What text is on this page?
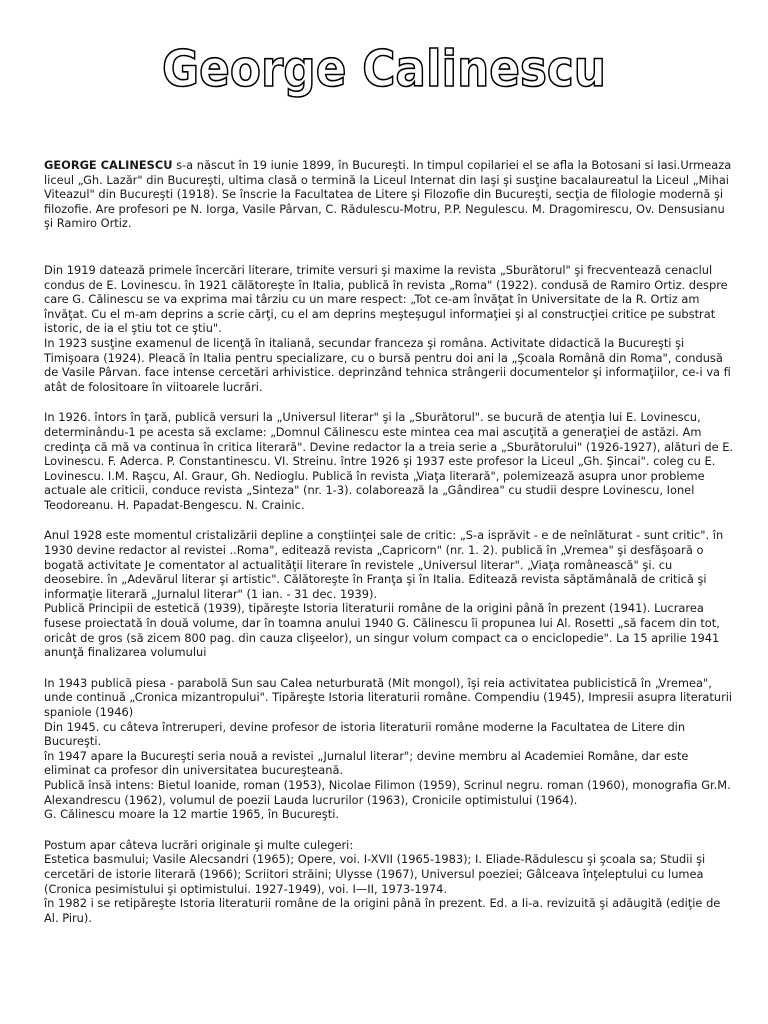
George Calinescu

GEORGE CALINESCU s-a născut în 19 iunie 1899, în Bucureşti. In timpul copilariei el se afla la Botosani si Iasi.Urmeaza liceul „Gh. Lazăr" din Bucureşti, ultima clasă o termină la Liceul Internat din Iaşi şi susţine bacalaureatul la Liceul „Mihai Viteazul" din Bucureşti (1918). Se înscrie la Facultatea de Litere şi Filozofie din Bucureşti, secţia de filologie modernă şi filozofie. Are profesori pe N. Iorga, Vasile Pârvan, C. Rădulescu-Motru, P.P. Negulescu. M. Dragomirescu, Ov. Densusianu şi Ramiro Ortiz.

Din 1919 datează primele încercări literare, trimite versuri şi maxime la revista „Sburătorul" şi frecventează cenaclul condus de E. Lovinescu. în 1921 călătoreşte în Italia, publică în revista „Roma" (1922). condusă de Ramiro Ortiz. despre care G. Călinescu se va exprima mai târziu cu un mare respect: „Tot ce-am învăţat în Universitate de la R. Ortiz am învăţat. Cu el m-am deprins a scrie cărţi, cu el am deprins meşteşugul informaţiei şi al construcţiei critice pe substrat istoric, de ia el ştiu tot ce ştiu".
In 1923 susţine examenul de licenţă în italiană, secundar franceza şi româna. Activitate didactică la Bucureşti şi Timişoara (1924). Pleacă în Italia pentru specializare, cu o bursă pentru doi ani la „Şcoala Română din Roma", condusă de Vasile Pârvan. face intense cercetări arhivistice. deprinzând tehnica strângerii documentelor şi informaţiilor, ce-i va fi atât de folositoare în viitoarele lucrări.

In 1926. întors în ţară, publică versuri la „Universul literar" şi la „Sburătorul". se bucură de atenţia lui E. Lovinescu, determinându-1 pe acesta să exclame: „Domnul Călinescu este mintea cea mai ascuţită a generaţiei de astăzi. Am credinţa că mă va continua în critica literară". Devine redactor la a treia serie a „Sburătorului" (1926-1927), alături de E. Lovinescu. F. Aderca. P. Constantinescu. VI. Streinu. între 1926 şi 1937 este profesor la Liceul „Gh. Şincai". coleg cu E. Lovinescu. I.M. Raşcu, Al. Graur, Gh. Nedioglu. Publică în revista „Viaţa literară", polemizează asupra unor probleme actuale ale criticii, conduce revista „Sinteza" (nr. 1-3). colaborează la „Gândirea" cu studii despre Lovinescu, Ionel Teodoreanu. H. Papadat-Bengescu. N. Crainic.

Anul 1928 este momentul cristalizării depline a conştiinţei sale de critic: „S-a isprăvit - e de neînlăturat - sunt critic". în 1930 devine redactor al revistei ..Roma", editează revista „Capricorn" (nr. 1. 2). publică în „Vremea" şi desfăşoară o bogată activitate Je comentator al actualităţii literare în revistele „Universul literar". „Viaţa românească" şi. cu deosebire. în „Adevărul literar şi artistic". Călătoreşte în Franţa şi în Italia. Editează revista săptămânală de critică şi informaţie literară „Jurnalul literar" (1 ian. - 31 dec. 1939).
Publică Principii de estetică (1939), tipăreşte Istoria literaturii române de la origini până în prezent (1941). Lucrarea fusese proiectată în două volume, dar în toamna anului 1940 G. Călinescu îi propunea lui Al. Rosetti „să facem din tot, oricât de gros (să zicem 800 pag. din cauza clişeelor), un singur volum compact ca o enciclopedie". La 15 aprilie 1941 anunţă finalizarea volumului

In 1943 publică piesa - parabolă Sun sau Calea neturburată (Mit mongol), îşi reia activitatea publicistică în „Vremea", unde continuă „Cronica mizantropului". Tipăreşte Istoria literaturii române. Compendiu (1945), Impresii asupra literaturii spaniole (1946)
Din 1945. cu câteva întreruperi, devine profesor de istoria literaturii române moderne la Facultatea de Litere din Bucureşti.
în 1947 apare la Bucureşti seria nouă a revistei „Jurnalul literar"; devine membru al Academiei Române, dar este eliminat ca profesor din universitatea bucureşteană.
Publică însă intens: Bietul Ioanide, roman (1953), Nicolae Filimon (1959), Scrinul negru. roman (1960), monografia Gr.M. Alexandrescu (1962), volumul de poezii Lauda lucrurilor (1963), Cronicile optimistului (1964).
G. Călinescu moare la 12 martie 1965, în Bucureşti.

Postum apar câteva lucrări originale şi multe culegeri:
Estetica basmului; Vasile Alecsandri (1965); Opere, voi. I-XVII (1965-1983); I. Eliade-Rădulescu şi şcoala sa; Studii şi cercetări de istorie literară (1966); Scriitori străini; Ulysse (1967), Universul poeziei; Gâlceava înţeleptului cu lumea (Cronica pesimistului şi optimistului. 1927-1949), voi. I—II, 1973-1974.
în 1982 i se retipăreşte Istoria literaturii române de la origini până în prezent. Ed. a Ii-a. revizuită şi adăugită (ediţie de Al. Piru).
